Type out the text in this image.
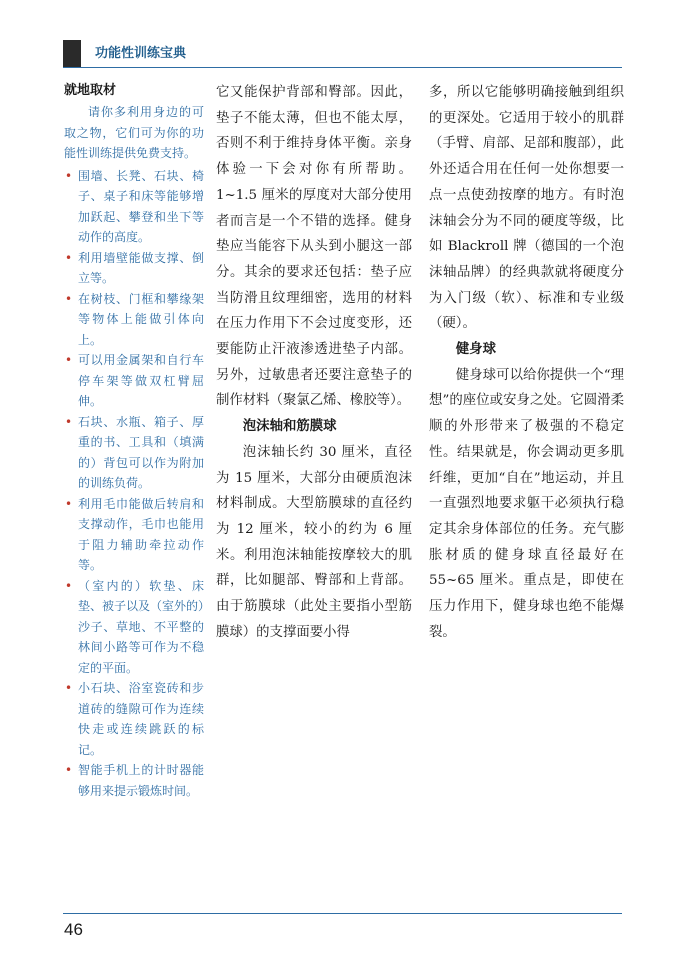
功能性训练宝典
就地取材

请你多利用身边的可取之物，它们可为你的功能性训练提供免费支持。

• 围墙、长凳、石块、椅子、桌子和床等能够增加跃起、攀登和坐下等动作的高度。
• 利用墙壁能做支撑、倒立等。
• 在树枝、门框和攀缘架等物体上能做引体向上。
• 可以用金属架和自行车停车架等做双杠臂屈伸。
• 石块、水瓶、箱子、厚重的书、工具和（填满的）背包可以作为附加的训练负荷。
• 利用毛巾能做后转肩和支撑动作，毛巾也能用于阻力辅助牵拉动作等。
• （室内的）软垫、床垫、被子以及（室外的）沙子、草地、不平整的林间小路等可作为不稳定的平面。
• 小石块、浴室瓷砖和步道砖的缝隙可作为连续快走或连续跳跃的标记。
• 智能手机上的计时器能够用来提示锻炼时间。

它又能保护背部和臀部。因此，垫子不能太薄，但也不能太厚，否则不利于维持身体平衡。亲身体验一下会对你有所帮助。1~1.5 厘米的厚度对大部分使用者而言是一个不错的选择。健身垫应当能容下从头到小腿这一部分。其余的要求还包括：垫子应当防滑且纹理细密，选用的材料在压力作用下不会过度变形，还要能防止汗液渗透进垫子内部。另外，过敏患者还要注意垫子的制作材料（聚氯乙烯、橡胶等）。

泡沫轴和筋膜球

泡沫轴长约 30 厘米，直径为 15 厘米，大部分由硬质泡沫材料制成。大型筋膜球的直径约为 12 厘米，较小的约为 6 厘米。利用泡沫轴能按摩较大的肌群，比如腿部、臀部和上背部。由于筋膜球（此处主要指小型筋膜球）的支撑面要小得

多，所以它能够明确接触到组织的更深处。它适用于较小的肌群（手臂、肩部、足部和腹部），此外还适合用在任何一处你想要一点一点使劲按摩的地方。有时泡沫轴会分为不同的硬度等级，比如 Blackroll 牌（德国的一个泡沫轴品牌）的经典款就将硬度分为入门级（软）、标准和专业级（硬）。

健身球

健身球可以给你提供一个“理想”的座位或安身之处。它圆滑柔顺的外形带来了极强的不稳定性。结果就是，你会调动更多肌纤维，更加“自在”地运动，并且一直强烈地要求躯干必须执行稳定其余身体部位的任务。充气膨胀材质的健身球直径最好在 55~65 厘米。重点是，即使在压力作用下，健身球也绝不能爆裂。

46
